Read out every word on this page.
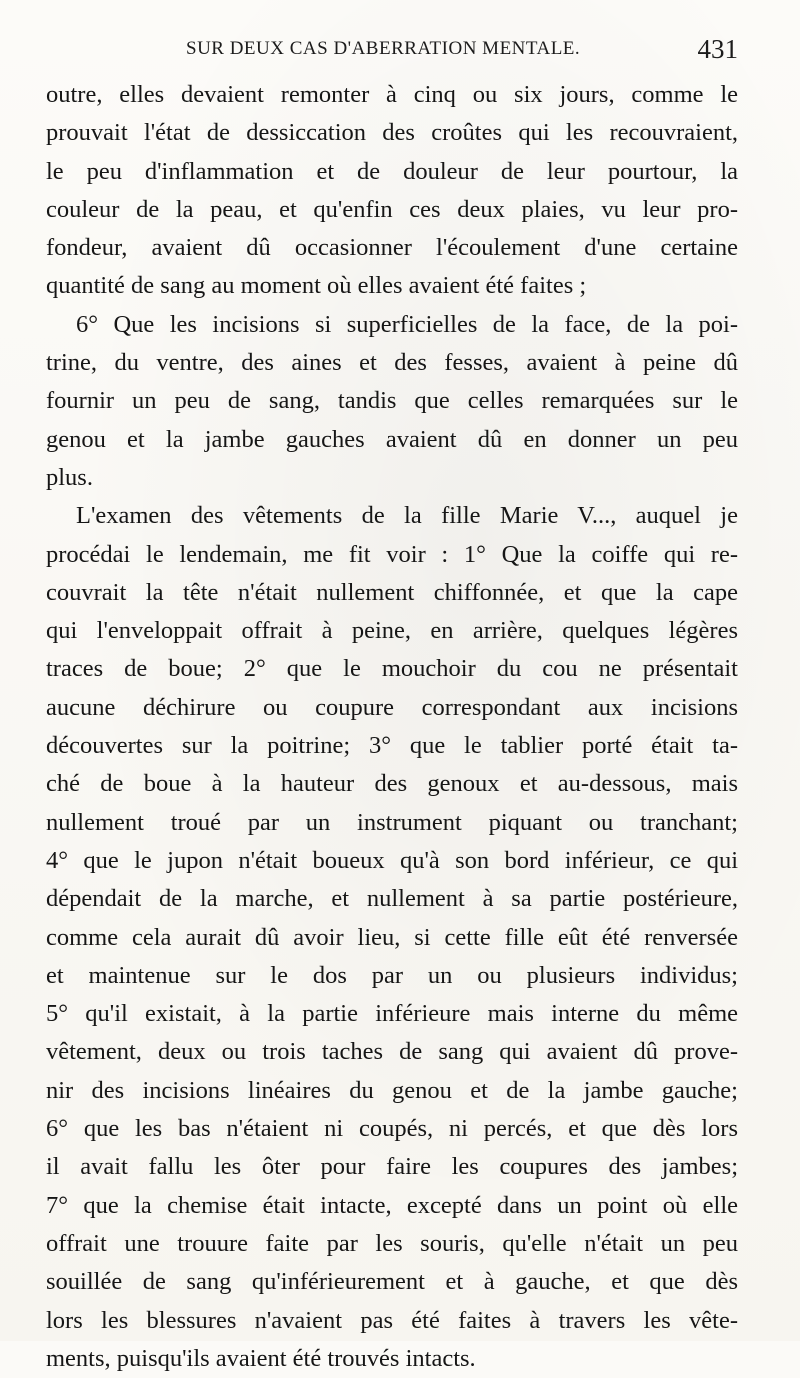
SUR DEUX CAS D'ABERRATION MENTALE.	431
outre, elles devaient remonter à cinq ou six jours, comme le
prouvait l'état de dessiccation des croûtes qui les recouvraient,
le peu d'inflammation et de douleur de leur pourtour, la
couleur de la peau, et qu'enfin ces deux plaies, vu leur pro-
fondeur, avaient dû occasionner l'écoulement d'une certaine
quantité de sang au moment où elles avaient été faites ;
6° Que les incisions si superficielles de la face, de la poi-
trine, du ventre, des aines et des fesses, avaient à peine dû
fournir un peu de sang, tandis que celles remarquées sur le
genou et la jambe gauches avaient dû en donner un peu
plus.
L'examen des vêtements de la fille Marie V..., auquel je
procédai le lendemain, me fit voir : 1° Que la coiffe qui re-
couvrait la tête n'était nullement chiffonnée, et que la cape
qui l'enveloppait offrait à peine, en arrière, quelques légères
traces de boue; 2° que le mouchoir du cou ne présentait
aucune déchirure ou coupure correspondant aux incisions
découvertes sur la poitrine; 3° que le tablier porté était ta-
ché de boue à la hauteur des genoux et au-dessous, mais
nullement troué par un instrument piquant ou tranchant;
4° que le jupon n'était boueux qu'à son bord inférieur, ce qui
dépendait de la marche, et nullement à sa partie postérieure,
comme cela aurait dû avoir lieu, si cette fille eût été renversée
et maintenue sur le dos par un ou plusieurs individus;
5° qu'il existait, à la partie inférieure mais interne du même
vêtement, deux ou trois taches de sang qui avaient dû prove-
nir des incisions linéaires du genou et de la jambe gauche;
6° que les bas n'étaient ni coupés, ni percés, et que dès lors
il avait fallu les ôter pour faire les coupures des jambes;
7° que la chemise était intacte, excepté dans un point où elle
offrait une trouure faite par les souris, qu'elle n'était un peu
souillée de sang qu'inférieurement et à gauche, et que dès
lors les blessures n'avaient pas été faites à travers les vête-
ments, puisqu'ils avaient été trouvés intacts.
